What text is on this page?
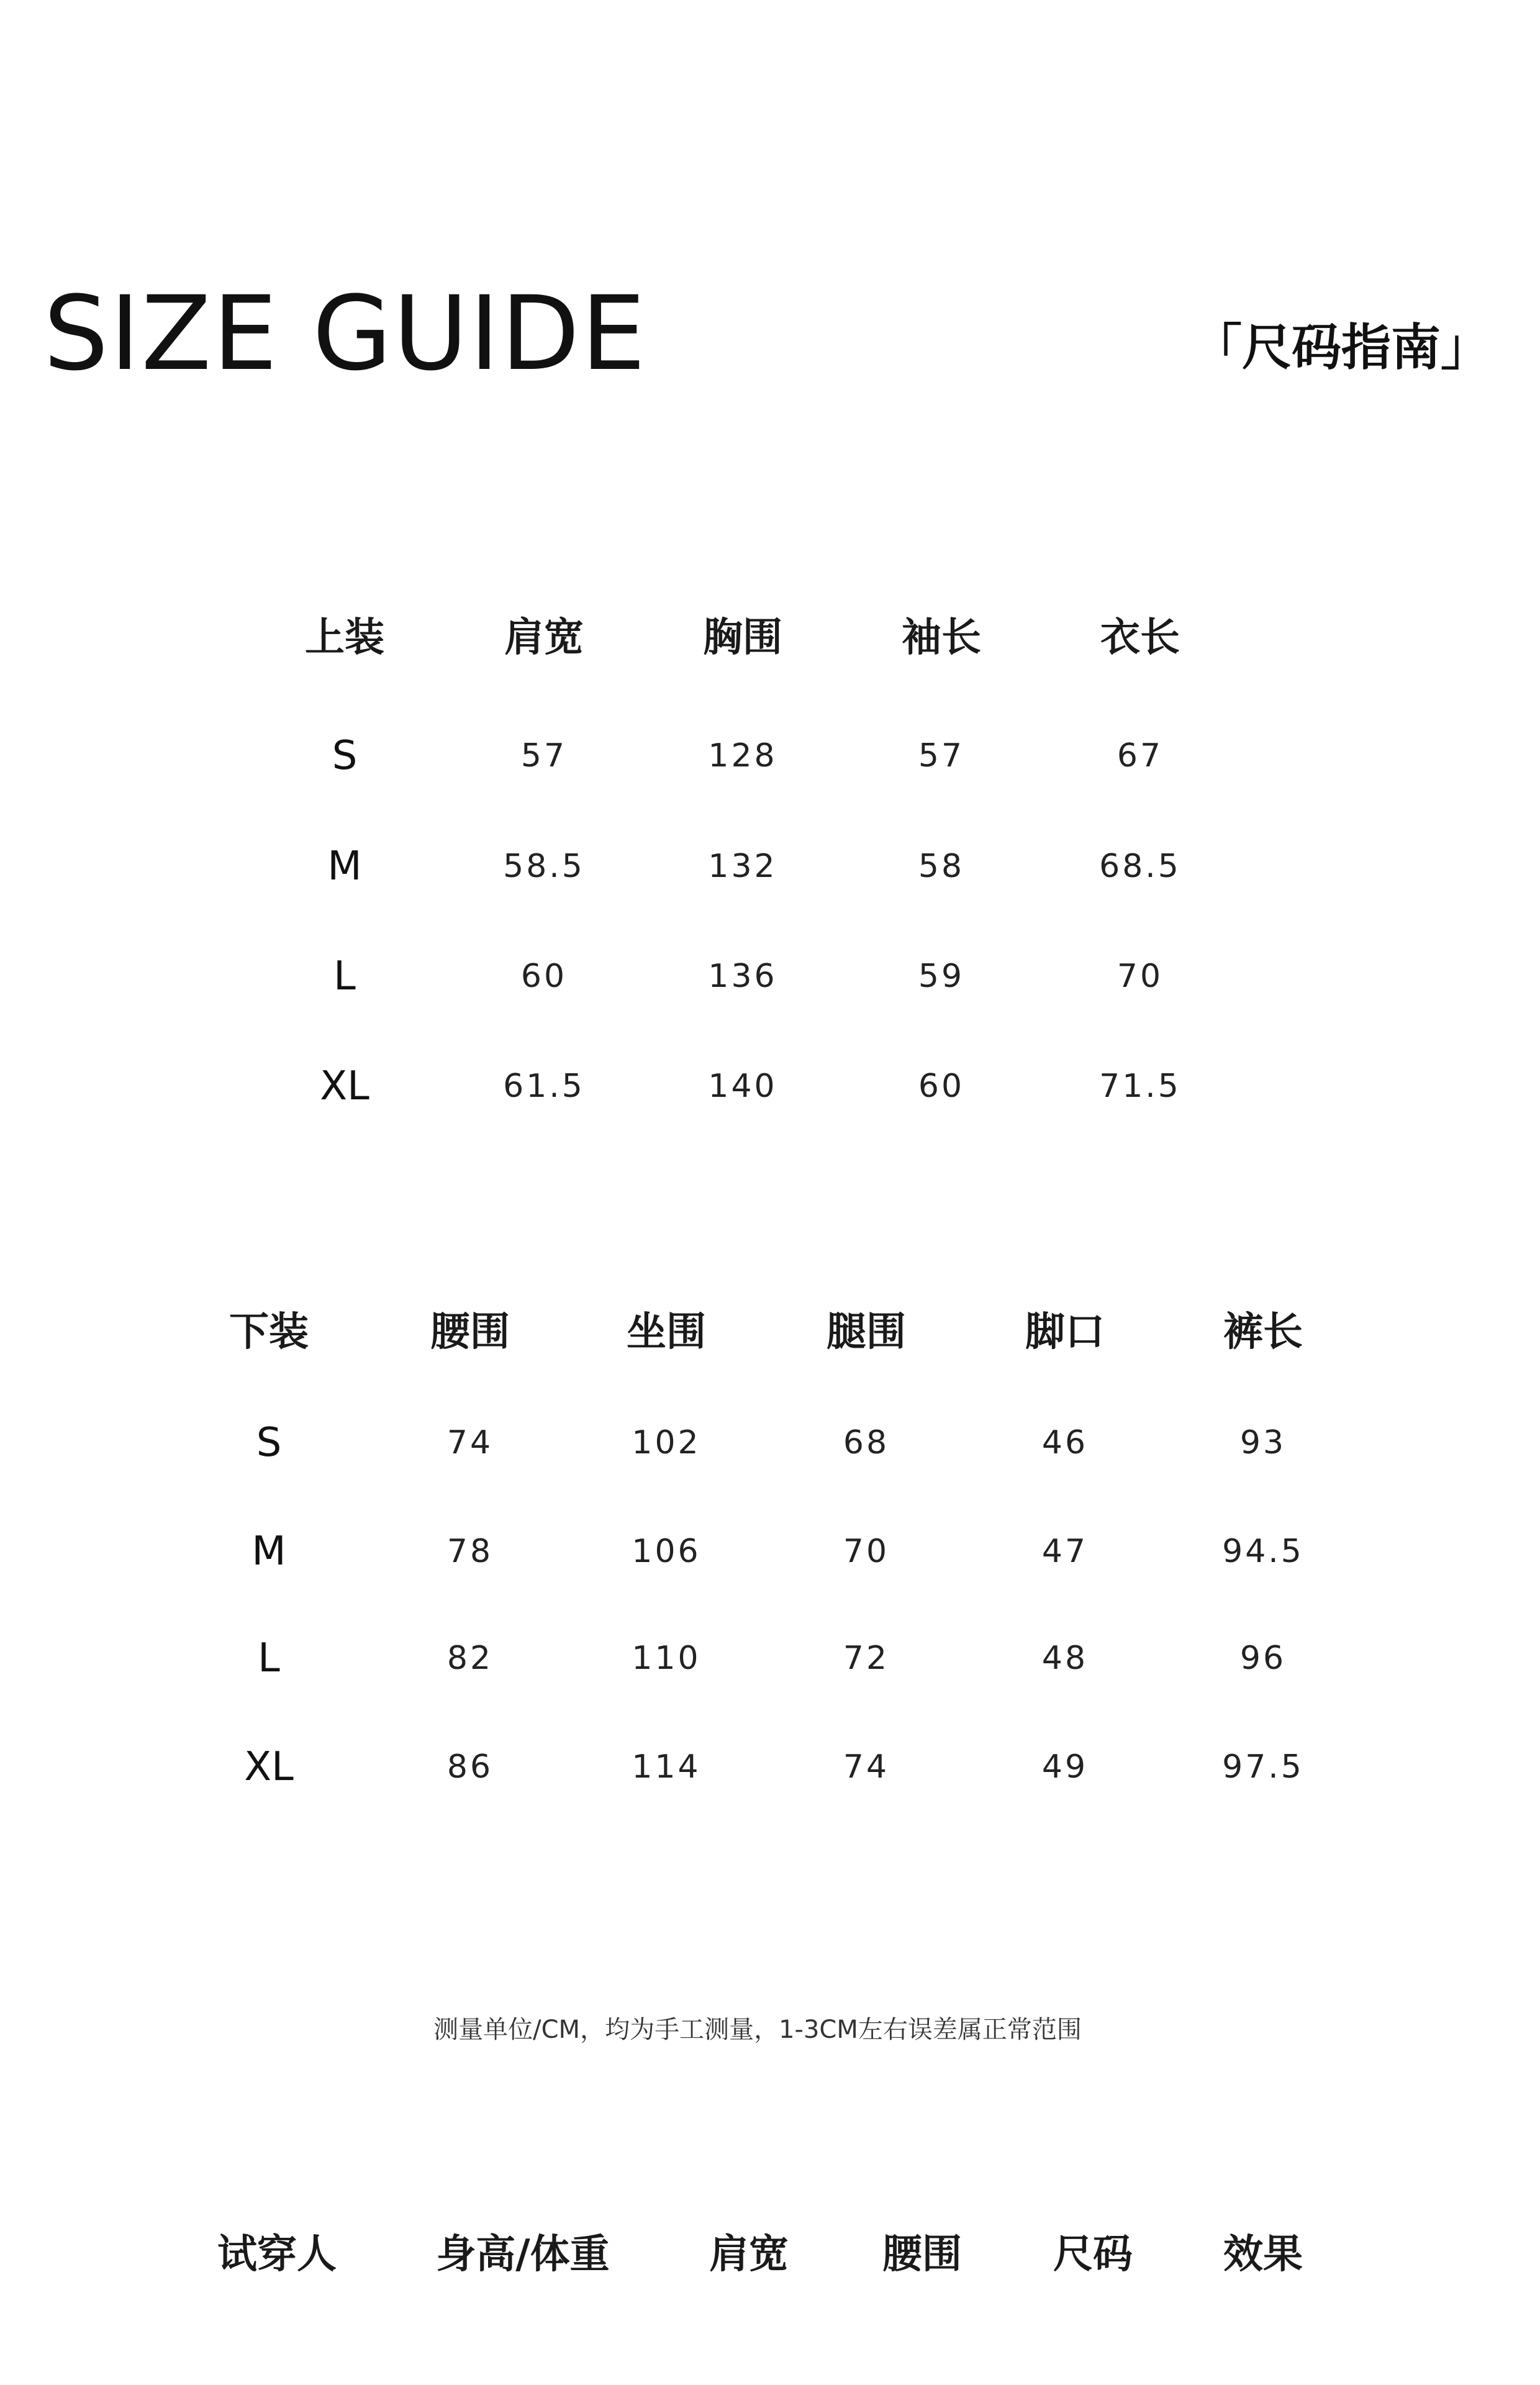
SIZE GUIDE	「尺码指南」
上装	肩宽	胸围	袖长	衣长
S	57	128	57	67
M	58.5	132	58	68.5
L	60	136	59	70
XL	61.5	140	60	71.5
下装	腰围	坐围	腿围	脚口	裤长
S	74	102	68	46	93
M	78	106	70	47	94.5
L	82	110	72	48	96
XL	86	114	74	49	97.5
测量单位/CM，均为手工测量，1-3CM左右误差属正常范围
试穿人	身高/体重	肩宽 腰围 尺码 效果
